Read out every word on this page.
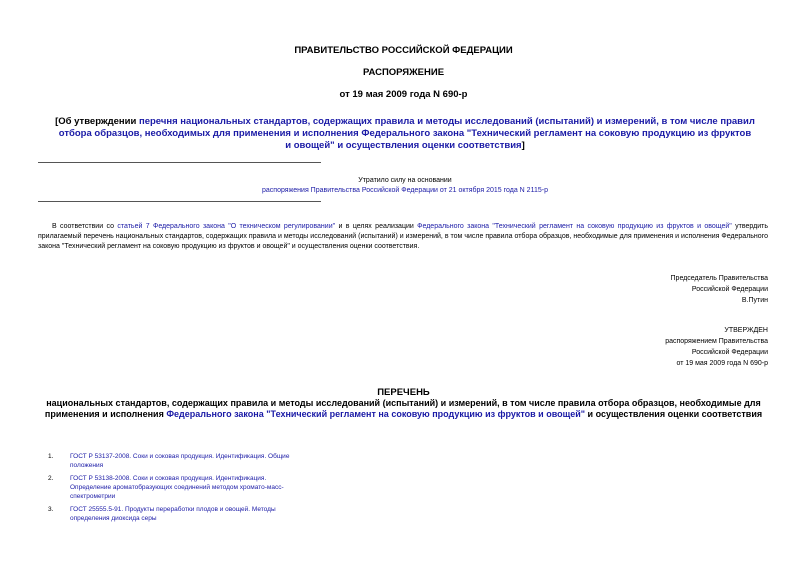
ПРАВИТЕЛЬСТВО РОССИЙСКОЙ ФЕДЕРАЦИИ
РАСПОРЯЖЕНИЕ
от 19 мая 2009 года N 690-р
[Об утверждении перечня национальных стандартов, содержащих правила и методы исследований (испытаний) и измерений, в том числе правил отбора образцов, необходимых для применения и исполнения Федерального закона "Технический регламент на соковую продукцию из фруктов и овощей" и осуществления оценки соответствия]
Утратило силу на основании
распоряжения Правительства Российской Федерации от 21 октября 2015 года N 2115-р
В соответствии со статьей 7 Федерального закона "О техническом регулировании" и в целях реализации Федерального закона "Технический регламент на соковую продукцию из фруктов и овощей" утвердить прилагаемый перечень национальных стандартов, содержащих правила и методы исследований (испытаний) и измерений, в том числе правила отбора образцов, необходимые для применения и исполнения Федерального закона "Технический регламент на соковую продукцию из фруктов и овощей" и осуществления оценки соответствия.
Председатель Правительства
Российской Федерации
В.Путин
УТВЕРЖДЕН
распоряжением Правительства
Российской Федерации
от 19 мая 2009 года N 690-р
ПЕРЕЧЕНЬ
национальных стандартов, содержащих правила и методы исследований (испытаний) и измерений, в том числе правила отбора образцов, необходимые для применения и исполнения Федерального закона "Технический регламент на соковую продукцию из фруктов и овощей" и осуществления оценки соответствия
1.	ГОСТ Р 53137-2008. Соки и соковая продукция. Идентификация. Общие положения
2.	ГОСТ Р 53138-2008. Соки и соковая продукция. Идентификация. Определение ароматобразующих соединений методом хромато-масс-спектрометрии
3.	ГОСТ 25555.5-91. Продукты переработки плодов и овощей. Методы определения диоксида серы
